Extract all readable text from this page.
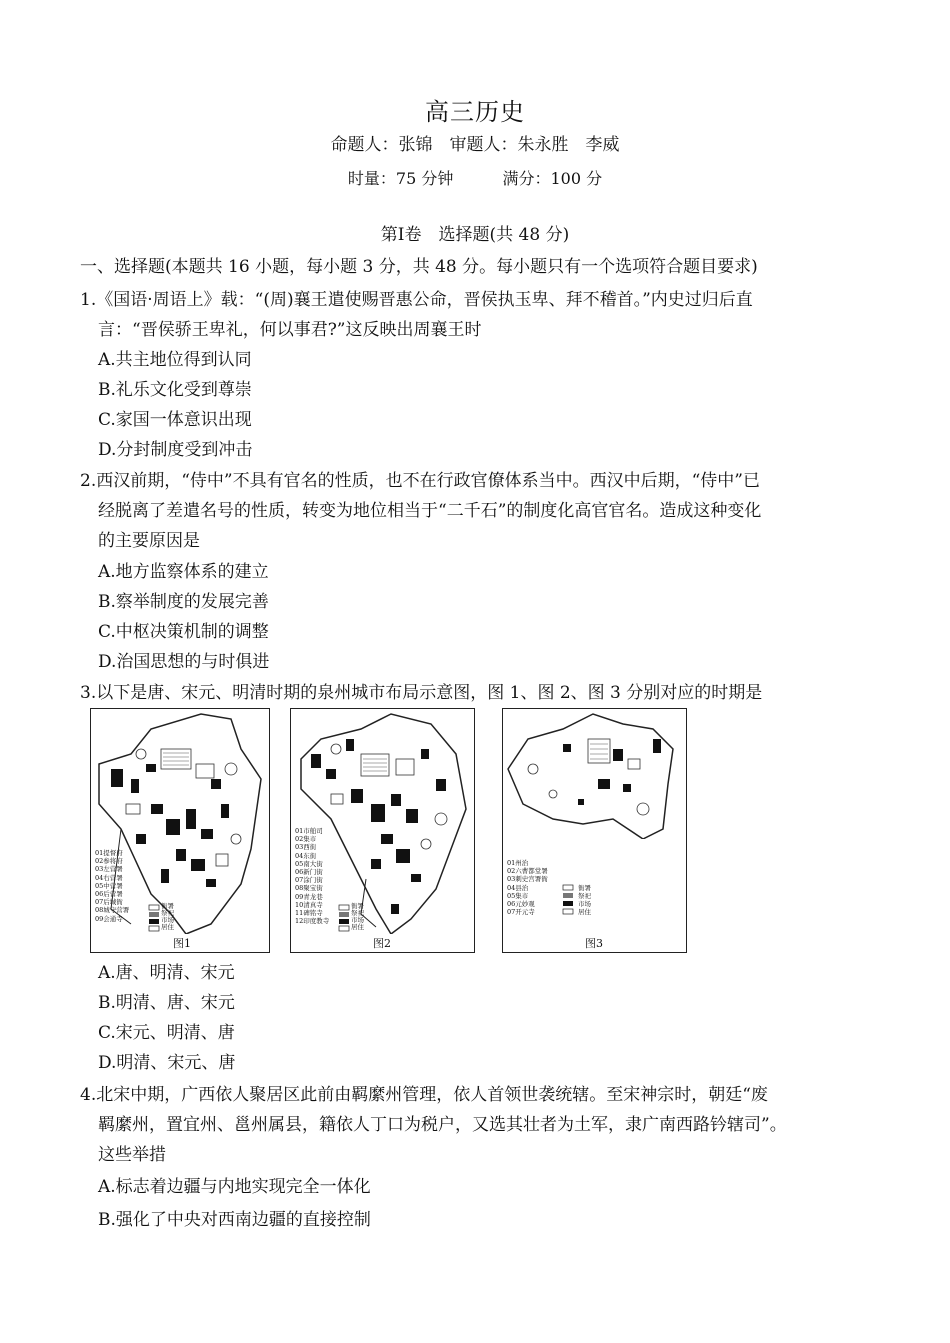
高三历史
命题人：张锦　审题人：朱永胜　李威
时量：75 分钟	满分：100 分
第Ⅰ卷　选择题(共 48 分)
一、选择题(本题共 16 小题，每小题 3 分，共 48 分。每小题只有一个选项符合题目要求)
1.《国语·周语上》载：“(周)襄王遣使赐晋惠公命，晋侯执玉卑、拜不稽首。”内史过归后直
言：“晋侯骄王卑礼，何以事君?”这反映出周襄王时
A.共主地位得到认同
B.礼乐文化受到尊崇
C.家国一体意识出现
D.分封制度受到冲击
2.西汉前期，“侍中”不具有官名的性质，也不在行政官僚体系当中。西汉中后期，“侍中”已
经脱离了差遣名号的性质，转变为地位相当于“二千石”的制度化高官官名。造成这种变化
的主要原因是
A.地方监察体系的建立
B.察举制度的发展完善
C.中枢决策机制的调整
D.治国思想的与时俱进
3.以下是唐、宋元、明清时期的泉州城市布局示意图，图 1、图 2、图 3 分别对应的时期是
01提督府
02参将府
03左营署
04右营署
05中营署
06后营署
07后城衙
08城守营署
09会通寺
衙署
祭祀
市场
居住
图1
01市舶司
02集市
03西街
04东街
05南大街
06新门街
07涂门街
08聚宝街
09青龙巷
10清真寺
11碑铭寺
12印度教寺
衙署
祭祀
市场
居住
图2
01州治
02六曹都堂署
03刺史宫署衙
04县治
05集市
06元妙观
07开元寺
衙署
祭祀
市场
居住
图3
A.唐、明清、宋元
B.明清、唐、宋元
C.宋元、明清、唐
D.明清、宋元、唐
4.北宋中期，广西依人聚居区此前由羁縻州管理，依人首领世袭统辖。至宋神宗时，朝廷“废
羁縻州，置宜州、邕州属县，籍依人丁口为税户，又选其壮者为土军，隶广南西路钤辖司”。
这些举措
A.标志着边疆与内地实现完全一体化
B.强化了中央对西南边疆的直接控制
